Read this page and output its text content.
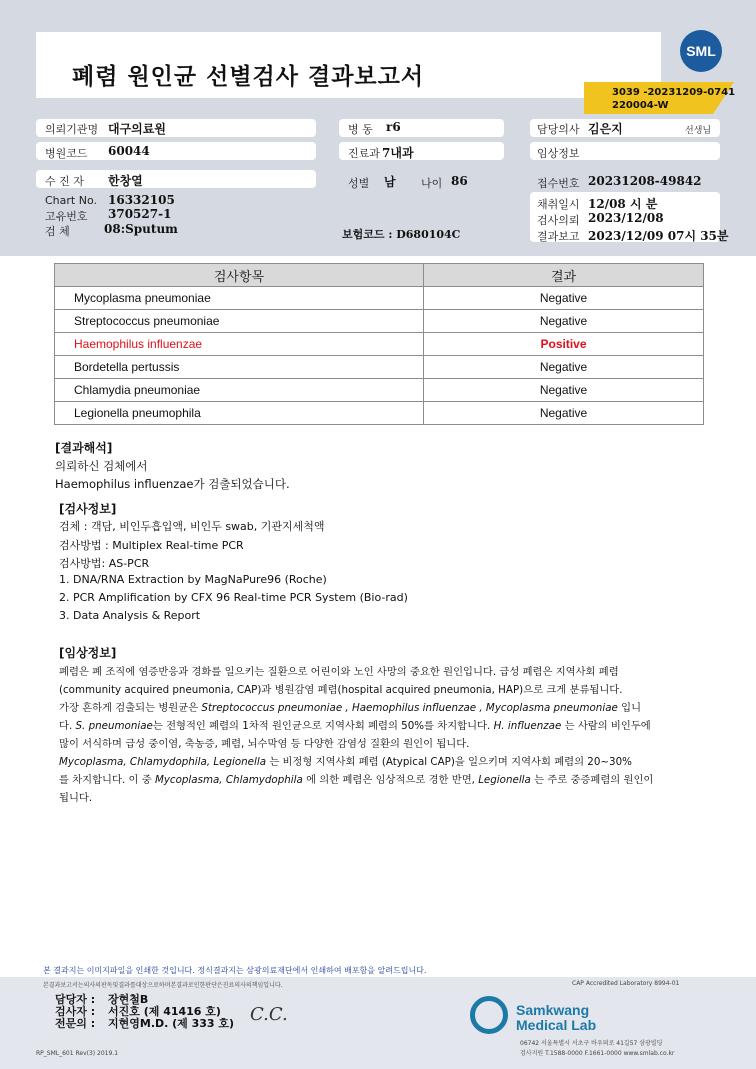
폐렴 원인균 선별검사 결과보고서
SML
3039 -20231209-0741
220004-W
의뢰기관명 대구의료원	병 동 r6	담당의사 김은지	선생님
병원코드 60044	진료과 7내과	임상정보
수 진 자 한창열	성별 남 나이 86	접수번호 20231208-49842
Chart No. 16332105
고유번호 370527-1
검 체	08:Sputum	보험코드 : D680104C
채취일시 12/08 시 분
검사의뢰 2023/12/08
결과보고 2023/12/09 07시 35분
검사항목	결과
Mycoplasma pneumoniae	Negative
Streptococcus pneumoniae	Negative
Haemophilus influenzae	Positive
Bordetella pertussis	Negative
Chlamydia pneumoniae	Negative
Legionella pneumophila	Negative
[결과해석]
의뢰하신 검체에서
Haemophilus influenzae가 검출되었습니다.
[검사정보]
검체 : 객담, 비인두흡입액, 비인두 swab, 기관지세척액
검사방법 : Multiplex Real-time PCR
검사방법: AS-PCR
1. DNA/RNA Extraction by MagNaPure96 (Roche)
2. PCR Amplification by CFX 96 Real-time PCR System (Bio-rad)
3. Data Analysis & Report
[임상정보]
폐렴은 폐 조직에 염증반응과 경화를 일으키는 질환으로 어린이와 노인 사망의 중요한 원인입니다. 급성 폐렴은 지역사회 폐렴
(community acquired pneumonia, CAP)과 병원감염 폐렴(hospital acquired pneumonia, HAP)으로 크게 분류됩니다.
가장 흔하게 검출되는 병원균은 Streptococcus pneumoniae , Haemophilus influenzae , Mycoplasma pneumoniae 입니
다. S. pneumoniae는 전형적인 폐렴의 1차적 원인균으로 지역사회 폐렴의 50%를 차지합니다. H. influenzae 는 사람의 비인두에
많이 서식하며 급성 중이염, 축농증, 폐렴, 뇌수막염 등 다양한 감염성 질환의 원인이 됩니다.
Mycoplasma, Chlamydophila, Legionella 는 비정형 지역사회 폐렴 (Atypical CAP)을 일으키며 지역사회 폐렴의 20~30%
를 차지합니다. 이 중 Mycoplasma, Chlamydophila 에 의한 폐렴은 임상적으로 경한 반면, Legionella 는 주로 중증폐렴의 원인이
됩니다.
본 결과지는 이미지파일을 인쇄한 것입니다. 정식결과지는 삼광의료재단에서 인쇄하여 배포함을 알려드립니다.
본결과보고서는의사의판독및결과를대상으로하며본결과로인한판단은진료의사의책임입니다.	CAP Accredited Laboratory 8994-01
담당자 : 장현철B
검사자 : 서진호 (제 41416 호)
전문의 : 지현영M.D. (제 333 호) C.C.	Samkwang
Medical Lab
06742 서울특별시 서초구 바우뫼로 41길57 삼광빌딩
검사지원 T.1588-0000 F.1661-0000 www.smlab.co.kr
RP_SML_601 Rev(3) 2019.1
